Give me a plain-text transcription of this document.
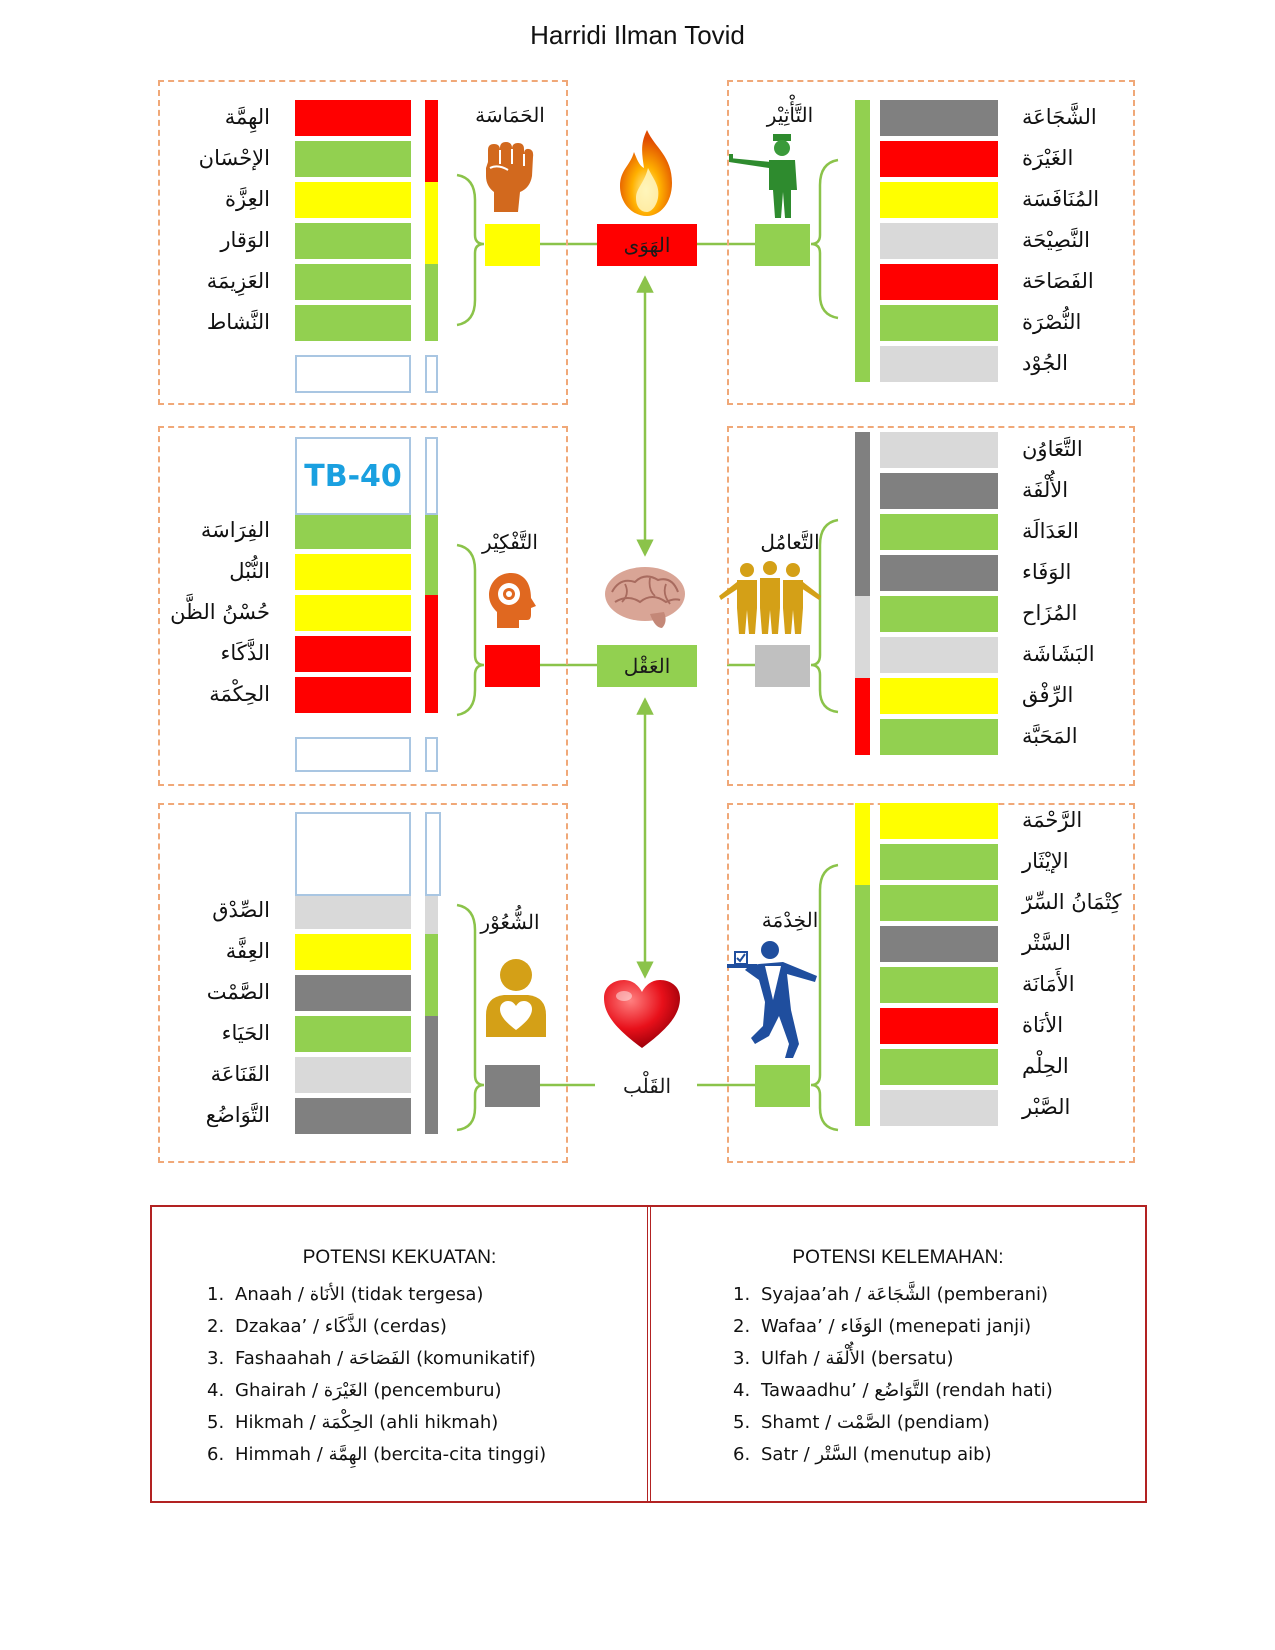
Harridi Ilman Tovid
الهِمَّة
الإحْسَان
العِزَّة
الوَقار
العَزِيمَة
النَّشاط
الشَّجَاعَة
الغَيْرَة
المُنَافَسَة
النَّصِيْحَة
الفَصَاحَة
النُّصْرَة
الجُوْد
الفِرَاسَة
النُّبْل
حُسْنُ الظَّن
الذَّكَاء
الحِكْمَة
التَّعَاوُن
الأُلْفَة
العَدَالَة
الوَفَاء
المُزَاح
البَشَاشَة
الرِّفْق
المَحَبَّة
الصِّدْق
العِفَّة
الصَّمْت
الحَيَاء
القَنَاعَة
التَّوَاضُع
الرَّحْمَة
الإيْثَار
كِتْمَانُ السِّرّ
السَّتْر
الأَمَانَة
الأنَاة
الحِلْم
الصَّبْر
TB-40
الحَمَاسَة	التَّأْثِيْر
التَّفْكِيْر	التَّعامُل
الشُّعُوْر	الخِدْمَة
الهَوَى
العَقْل
القَلْب
POTENSI KEKUATAN:
1. Anaah / الأنَاة (tidak tergesa)
2. Dzakaa’ / الذَّكَاء (cerdas)
3. Fashaahah / الفَصَاحَة (komunikatif)
4. Ghairah / الغَيْرَة (pencemburu)
5. Hikmah / الحِكْمَة (ahli hikmah)
6. Himmah / الهِمَّة (bercita-cita tinggi)
POTENSI KELEMAHAN:
1. Syajaa’ah / الشَّجَاعَة (pemberani)
2. Wafaa’ / الوَفَاء (menepati janji)
3. Ulfah / الأُلْفَة (bersatu)
4. Tawaadhu’ / التَّوَاضُع (rendah hati)
5. Shamt / الصَّمْت (pendiam)
6. Satr / السَّتْر (menutup aib)
